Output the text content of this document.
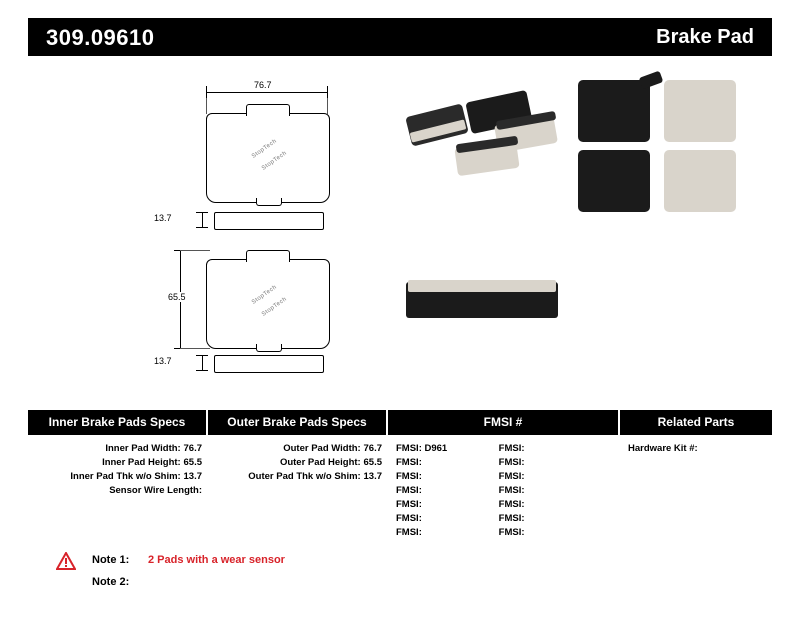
309.09610	Brake Pad
76.7
StopTech
StopTech
13.7
65.5	StopTech
StopTech
13.7
Inner Brake Pads Specs
Inner Pad Width: 76.7
Inner Pad Height: 65.5
Inner Pad Thk w/o Shim: 13.7
Sensor Wire Length:
Outer Brake Pads Specs
Outer Pad Width: 76.7
Outer Pad Height: 65.5
Outer Pad Thk w/o Shim: 13.7
FMSI #
FMSI: D961	FMSI:
FMSI:	FMSI:
FMSI:	FMSI:
FMSI:	FMSI:
FMSI:	FMSI:
FMSI:	FMSI:
FMSI:	FMSI:
Related Parts
Hardware Kit #:
Note 1: 2 Pads with a wear sensor
Note 2:
